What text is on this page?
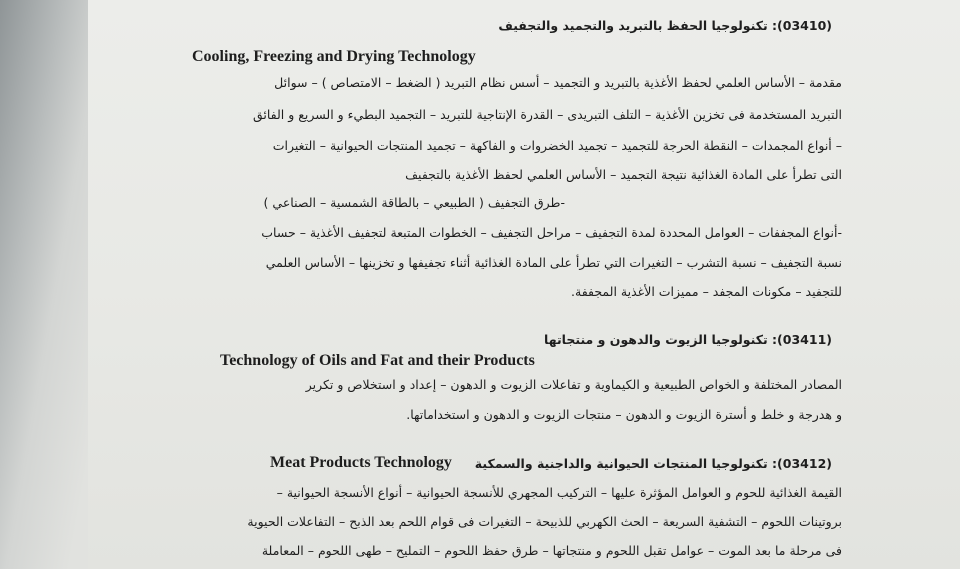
(03410): تكنولوجيا الحفظ بالتبريد والتجميد والتجفيف
Cooling, Freezing and Drying Technology
مقدمة – الأساس العلمي لحفظ الأغذية بالتبريد و التجميد – أسس نظام التبريد ( الضغط – الامتصاص ) – سوائل
التبريد المستخدمة فى تخزين الأغذية – التلف التبريدى – القدرة الإنتاجية للتبريد – التجميد البطيء و السريع و الفائق
– أنواع المجمدات – النقطة الحرجة للتجميد – تجميد الخضروات و الفاكهة – تجميد المنتجات الحيوانية – التغيرات
التى تطرأ على المادة الغذائية نتيجة التجميد – الأساس العلمي لحفظ الأغذية بالتجفيف
-طرق التجفيف ( الطبيعي – بالطاقة الشمسية – الصناعي )
-أنواع المجففات – العوامل المحددة لمدة التجفيف – مراحل التجفيف – الخطوات المتبعة لتجفيف الأغذية – حساب
نسبة التجفيف – نسبة التشرب – التغيرات التي تطرأ على المادة الغذائية أثناء تجفيفها و تخزينها – الأساس العلمي
للتجفيد – مكونات المجفد – مميزات الأغذية المجففة.
(03411): تكنولوجيا الزيوت والدهون و منتجاتها
Technology of Oils and Fat and their Products
المصادر المختلفة و الخواص الطبيعية و الكيماوية و تفاعلات الزيوت و الدهون – إعداد و استخلاص و تكرير
و هدرجة و خلط و أسترة الزيوت و الدهون – منتجات الزيوت و الدهون و استخداماتها.
(03412): تكنولوجيا المنتجات الحيوانية والداجنية والسمكية
Meat Products Technology
القيمة الغذائية للحوم و العوامل المؤثرة عليها – التركيب المجهري للأنسجة الحيوانية – أنواع الأنسجة الحيوانية –
بروتينات اللحوم – التشفية السريعة – الحث الكهربي للذبيحة – التغيرات فى قوام اللحم بعد الذبح – التفاعلات الحيوية
فى مرحلة ما بعد الموت – عوامل تقبل اللحوم و منتجاتها – طرق حفظ اللحوم – التمليح – طهى اللحوم – المعاملة
